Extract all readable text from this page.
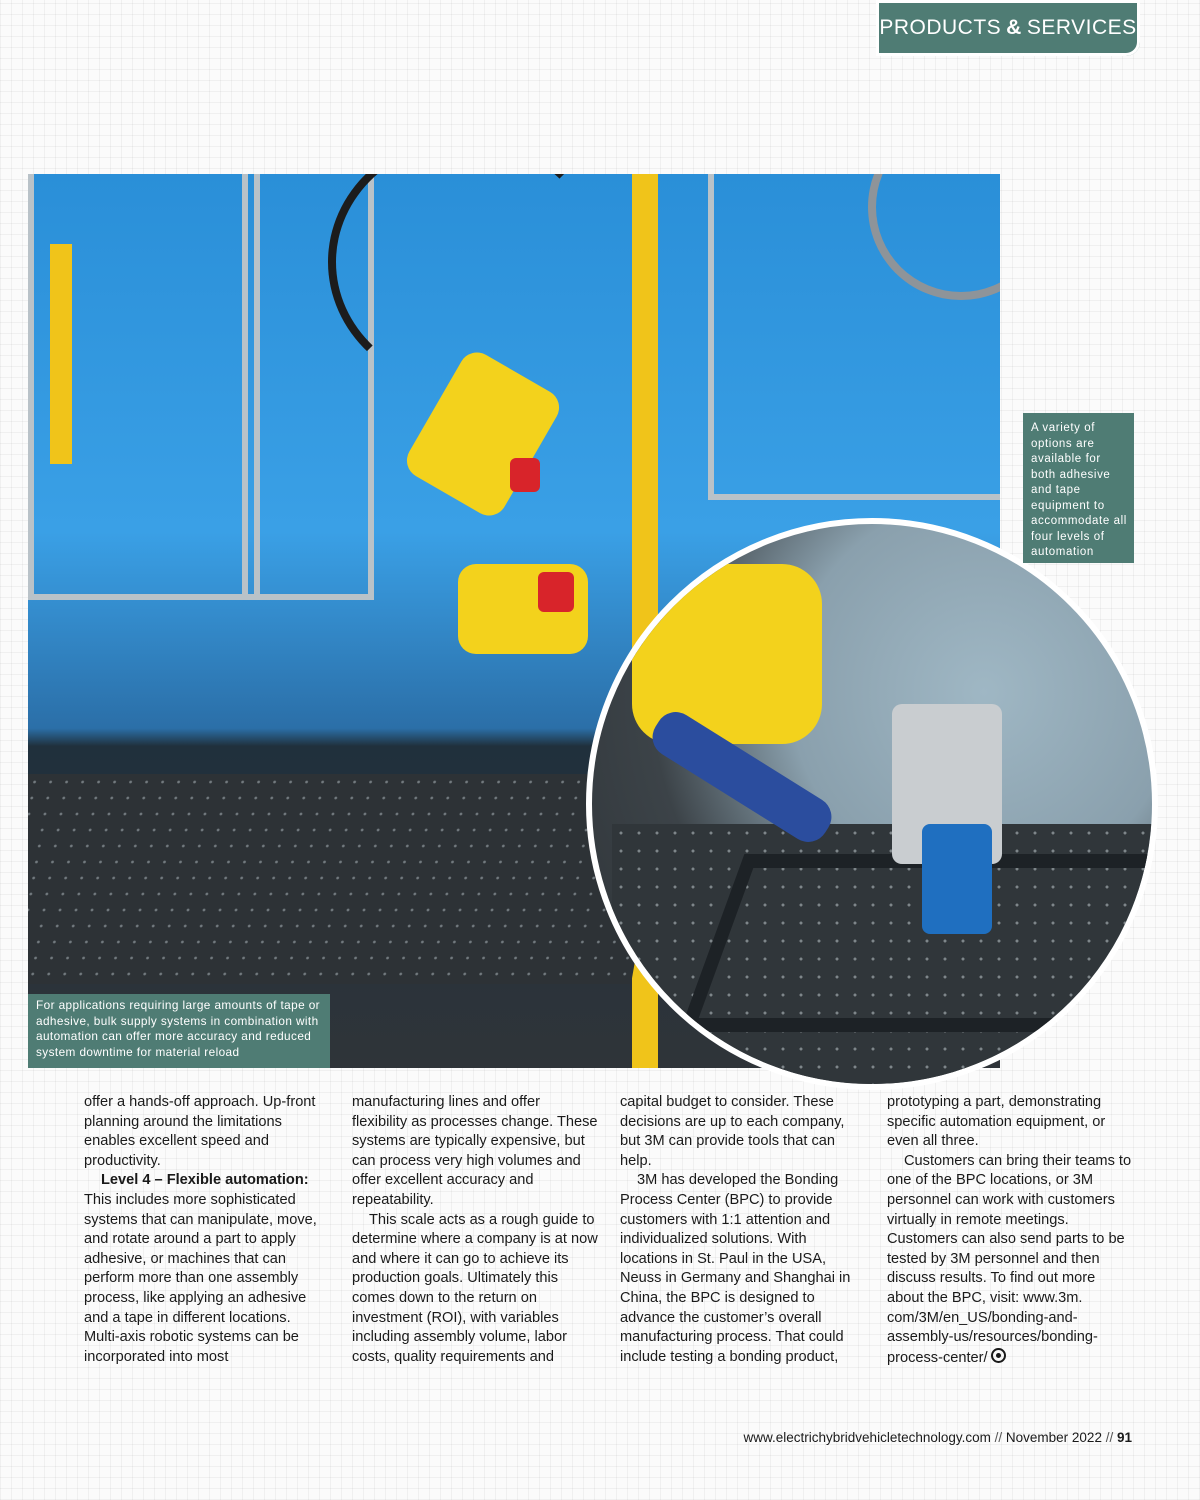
PRODUCTS & SERVICES
A variety of options are available for both adhesive and tape equipment to accommodate all four levels of automation
For applications requiring large amounts of tape or adhesive, bulk supply systems in combination with automation can offer more accuracy and reduced system downtime for material reload

offer a hands-off approach. Up-front planning around the limitations enables excellent speed and productivity.

Level 4 – Flexible automation:

This includes more sophisticated systems that can manipulate, move, and rotate around a part to apply adhesive, or machines that can perform more than one assembly process, like applying an adhesive and a tape in different locations. Multi-axis robotic systems can be incorporated into most

manufacturing lines and offer flexibility as processes change. These systems are typically expensive, but can process very high volumes and offer excellent accuracy and repeatability.

This scale acts as a rough guide to determine where a company is at now and where it can go to achieve its production goals. Ultimately this comes down to the return on investment (ROI), with variables including assembly volume, labor costs, quality requirements and

capital budget to consider. These decisions are up to each company, but 3M can provide tools that can help.

3M has developed the Bonding Process Center (BPC) to provide customers with 1:1 attention and individualized solutions. With locations in St. Paul in the USA, Neuss in Germany and Shanghai in China, the BPC is designed to advance the customer’s overall manufacturing process. That could include testing a bonding product,

prototyping a part, demonstrating specific automation equipment, or even all three.

Customers can bring their teams to one of the BPC locations, or 3M personnel can work with customers virtually in remote meetings. Customers can also send parts to be tested by 3M personnel and then discuss results. To find out more about the BPC, visit: www.3m. com/3M/en_US/bonding-and-assembly-us/resources/bonding-process-center/

www.electrichybridvehicletechnology.com // November 2022 // 91
